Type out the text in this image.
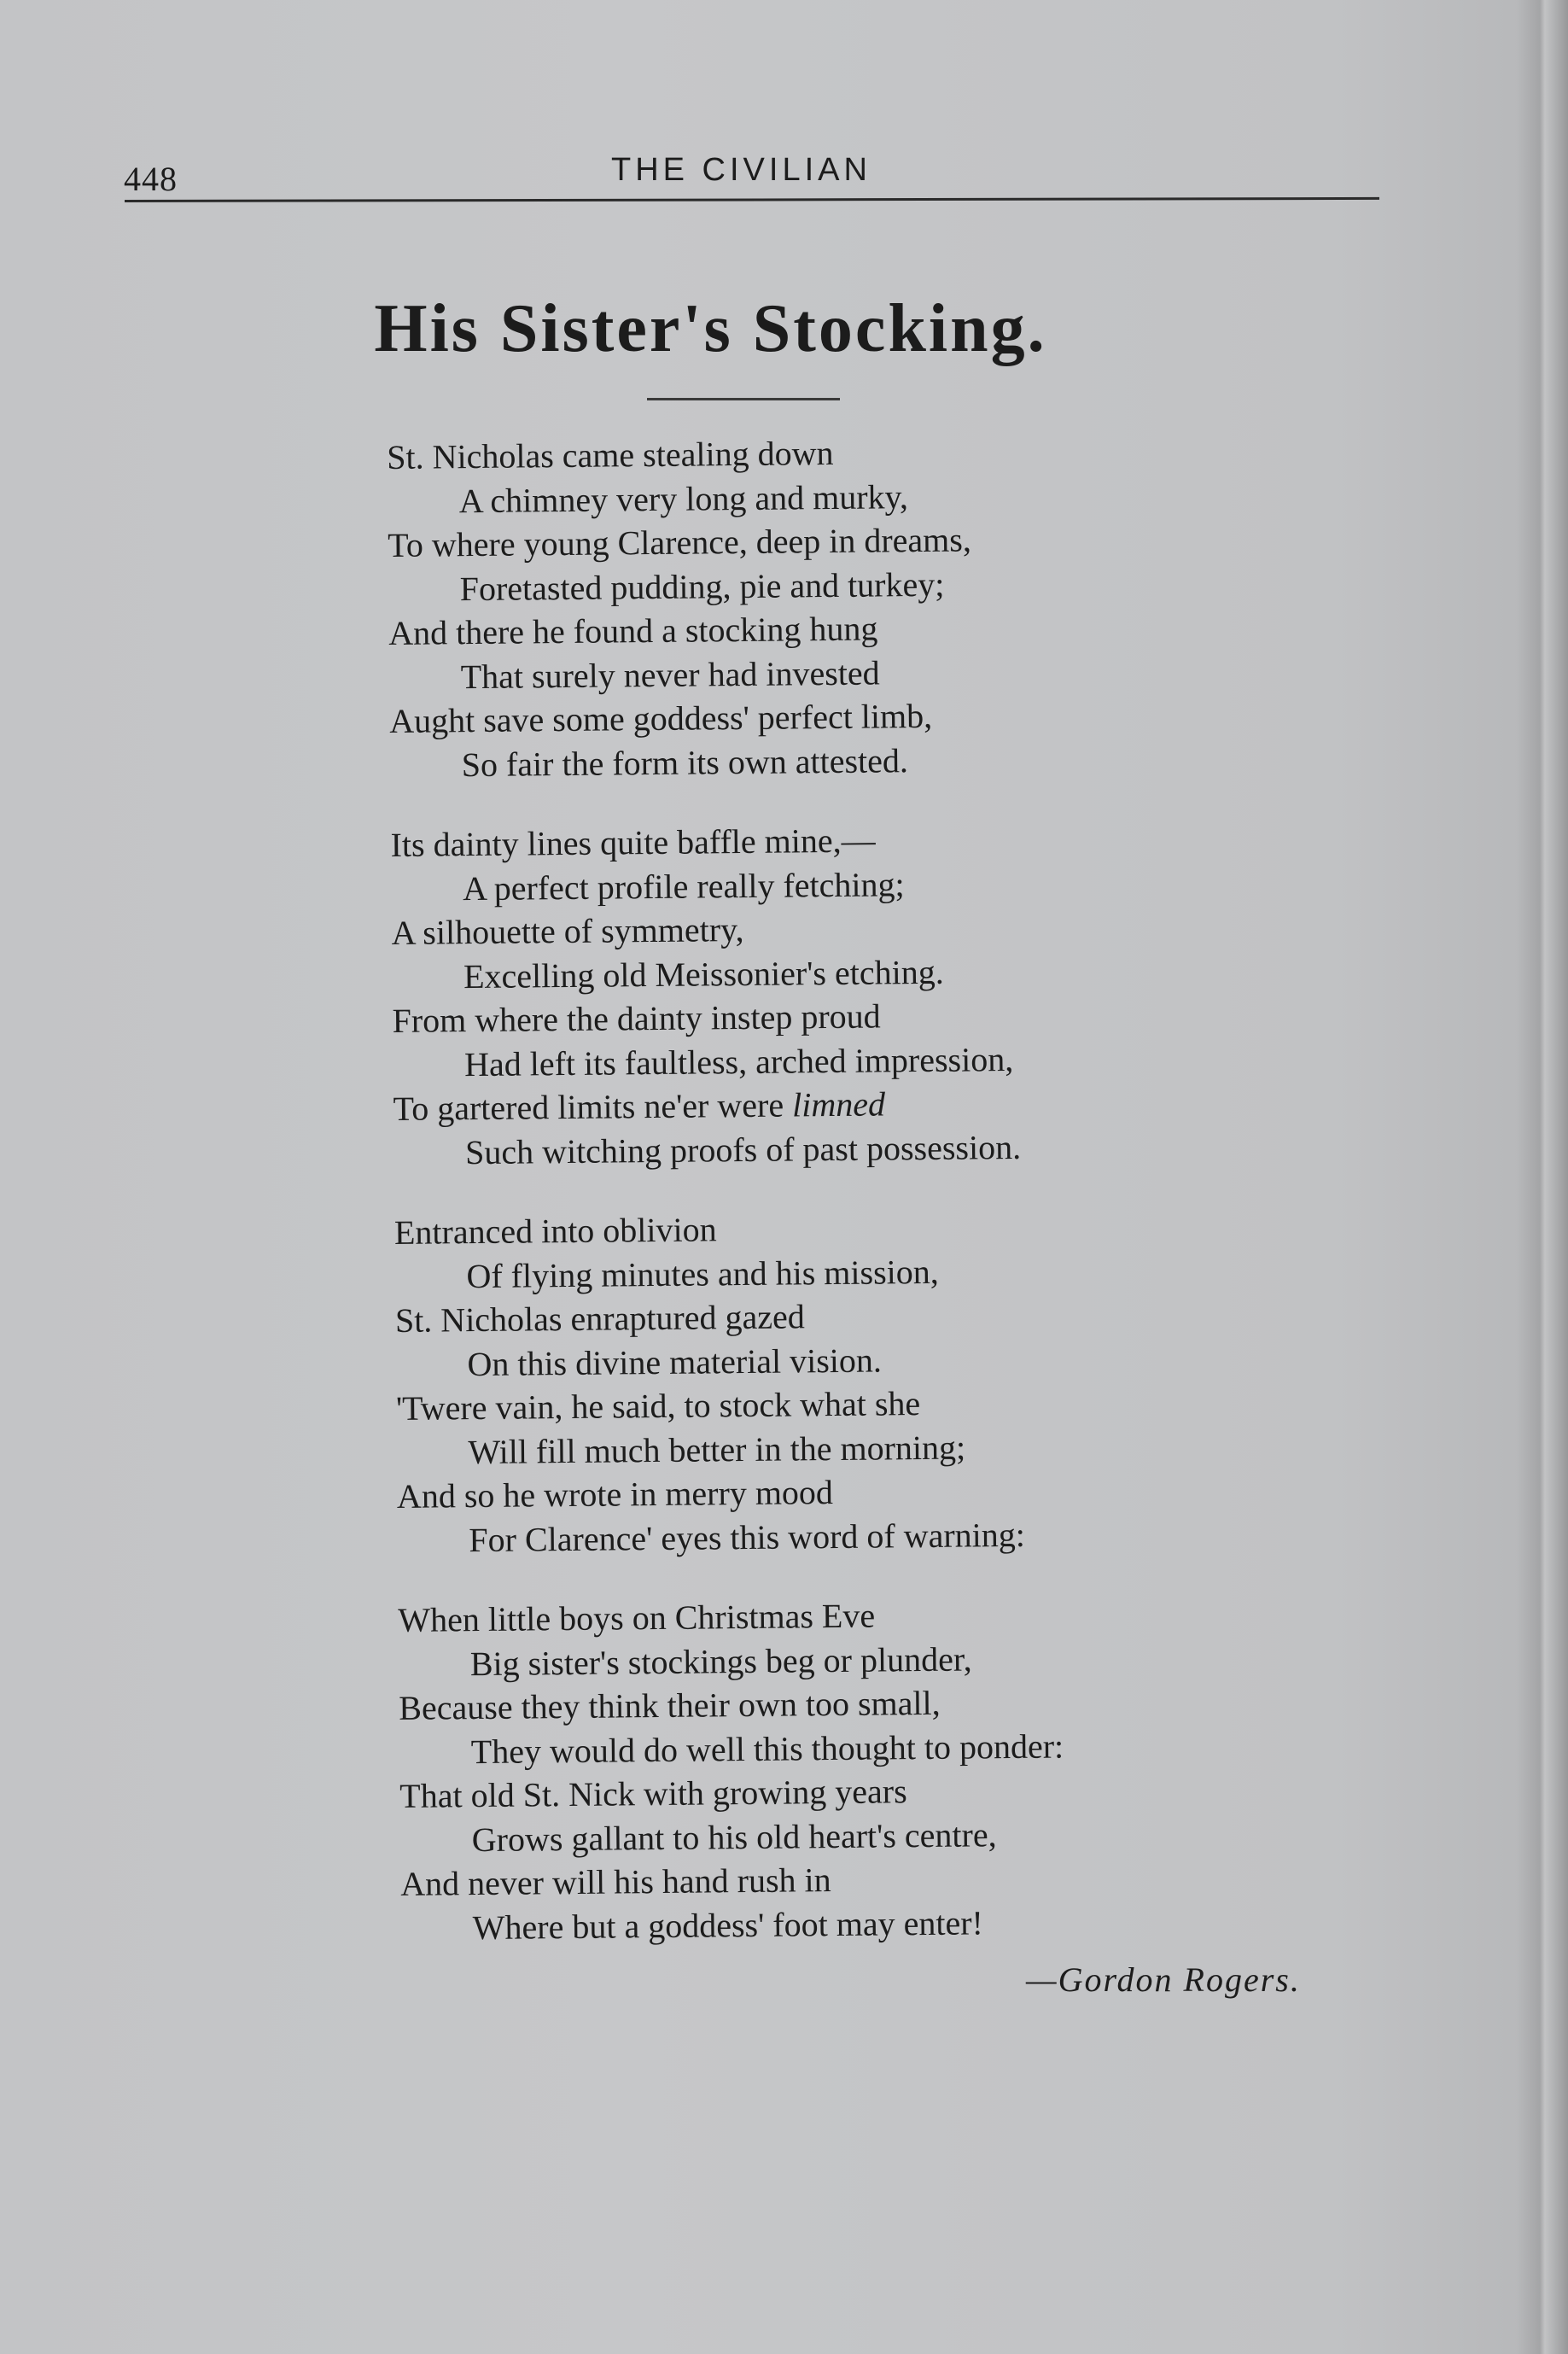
448	THE CIVILIAN
His Sister's Stocking.
St. Nicholas came stealing down
A chimney very long and murky,
To where young Clarence, deep in dreams,
Foretasted pudding, pie and turkey;
And there he found a stocking hung
That surely never had invested
Aught save some goddess' perfect limb,
So fair the form its own attested.
Its dainty lines quite baffle mine,—
A perfect profile really fetching;
A silhouette of symmetry,
Excelling old Meissonier's etching.
From where the dainty instep proud
Had left its faultless, arched impression,
To gartered limits ne'er were limned
Such witching proofs of past possession.
Entranced into oblivion
Of flying minutes and his mission,
St. Nicholas enraptured gazed
On this divine material vision.
'Twere vain, he said, to stock what she
Will fill much better in the morning;
And so he wrote in merry mood
For Clarence' eyes this word of warning:
When little boys on Christmas Eve
Big sister's stockings beg or plunder,
Because they think their own too small,
They would do well this thought to ponder:
That old St. Nick with growing years
Grows gallant to his old heart's centre,
And never will his hand rush in
Where but a goddess' foot may enter!
—Gordon Rogers.
